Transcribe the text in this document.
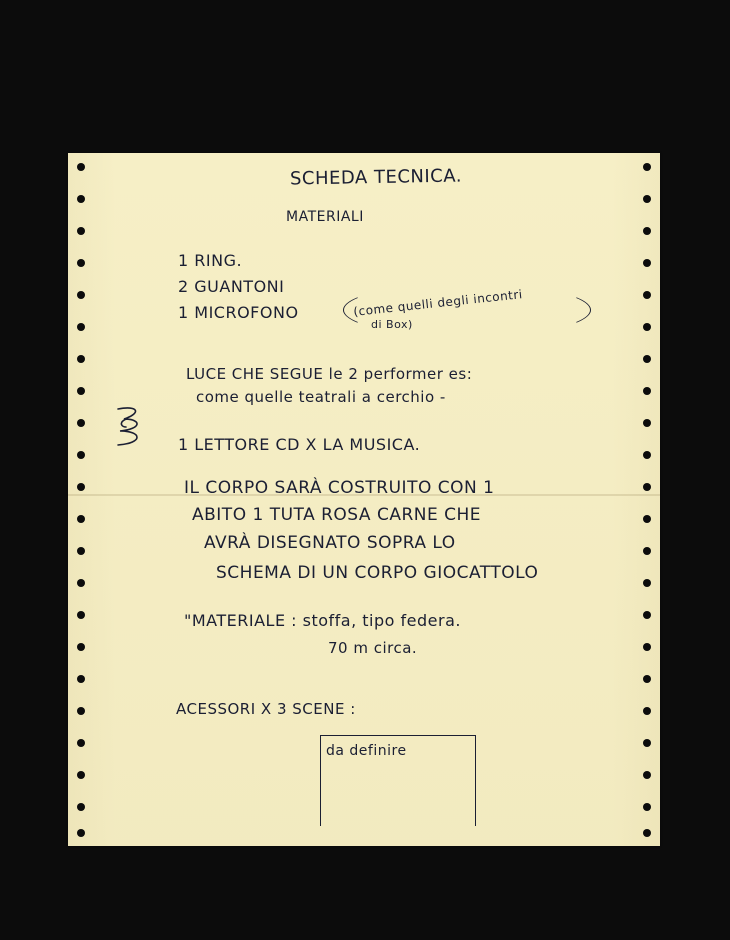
SCHEDA TECNICA.
MATERIALI
1 RING.
2 GUANTONI
1 MICROFONO	(come quelli degli incontri
di Box)
LUCE CHE SEGUE le 2 performer es:
come quelle teatrali a cerchio -
1 LETTORE CD X LA MUSICA.
IL CORPO SARÀ COSTRUITO CON 1
ABITO 1 TUTA ROSA CARNE CHE
AVRÀ DISEGNATO SOPRA LO
SCHEMA DI UN CORPO GIOCATTOLO
"MATERIALE : stoffa, tipo federa.
70 m circa.
ACESSORI X 3 SCENE :
da definire
